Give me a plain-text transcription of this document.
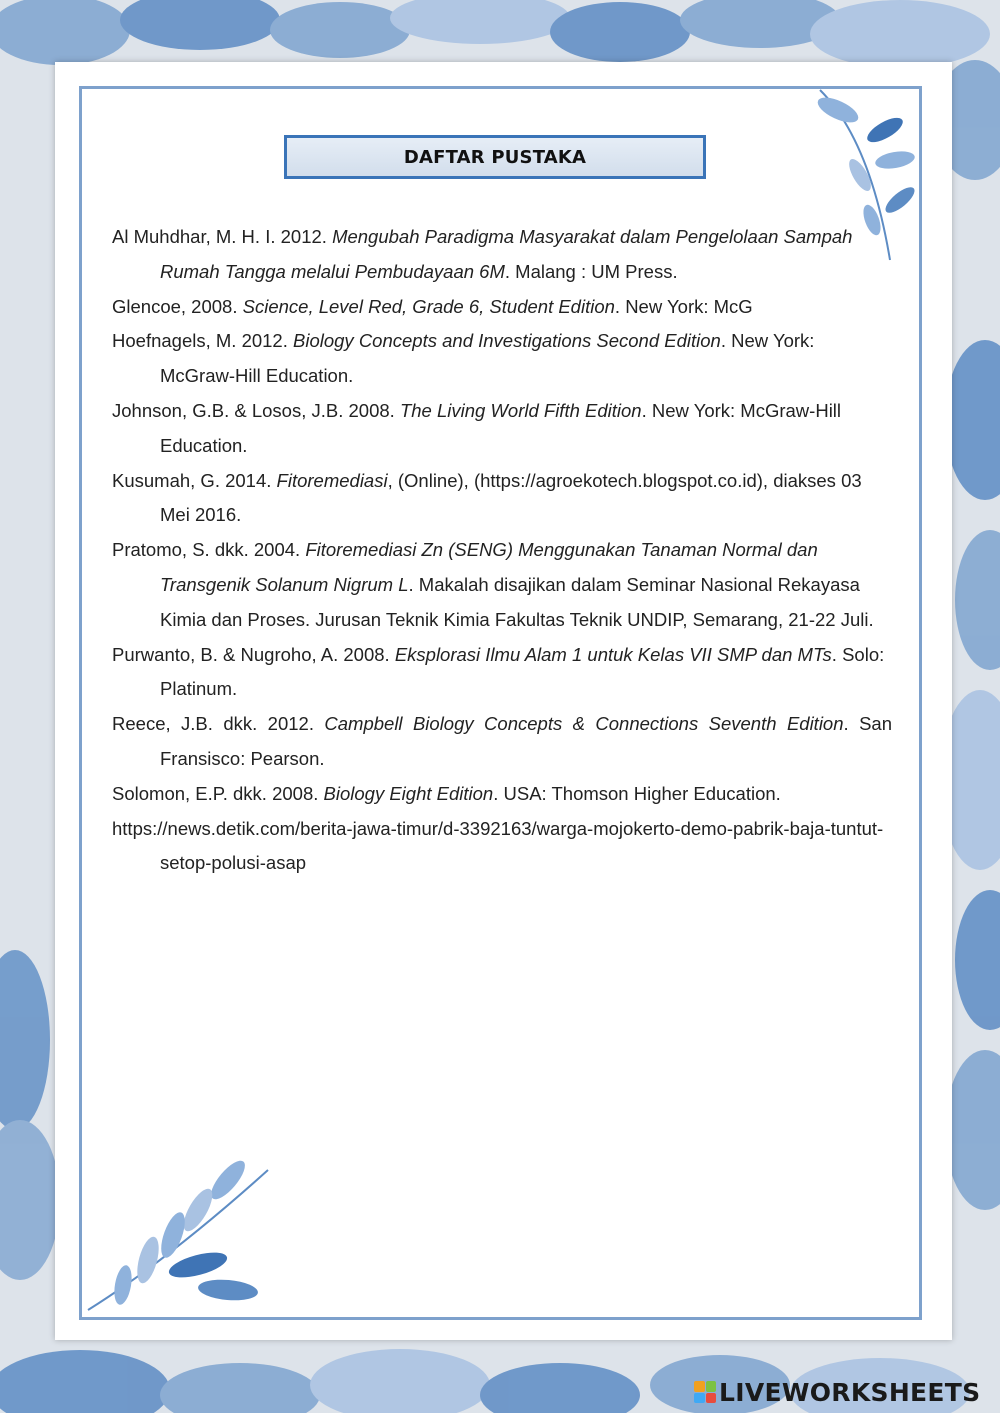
DAFTAR PUSTAKA
Al Muhdhar, M. H. I. 2012. Mengubah Paradigma Masyarakat dalam Pengelolaan Sampah Rumah Tangga melalui Pembudayaan 6M. Malang : UM Press.
Glencoe, 2008. Science, Level Red, Grade 6, Student Edition. New York: McG
Hoefnagels, M. 2012. Biology Concepts and Investigations Second Edition. New York: McGraw-Hill Education.
Johnson, G.B. & Losos, J.B. 2008. The Living World Fifth Edition. New York: McGraw-Hill Education.
Kusumah, G. 2014. Fitoremediasi, (Online), (https://agroekotech.blogspot.co.id), diakses 03 Mei 2016.
Pratomo, S. dkk. 2004. Fitoremediasi Zn (SENG) Menggunakan Tanaman Normal dan Transgenik Solanum Nigrum L. Makalah disajikan dalam Seminar Nasional Rekayasa Kimia dan Proses. Jurusan Teknik Kimia Fakultas Teknik UNDIP, Semarang, 21-22 Juli.
Purwanto, B. & Nugroho, A. 2008. Eksplorasi Ilmu Alam 1 untuk Kelas VII SMP dan MTs. Solo: Platinum.
Reece, J.B. dkk. 2012. Campbell Biology Concepts & Connections Seventh Edition. San Fransisco: Pearson.
Solomon, E.P. dkk. 2008. Biology Eight Edition. USA: Thomson Higher Education.
https://news.detik.com/berita-jawa-timur/d-3392163/warga-mojokerto-demo-pabrik-baja-tuntut-setop-polusi-asap
LIVEWORKSHEETS
